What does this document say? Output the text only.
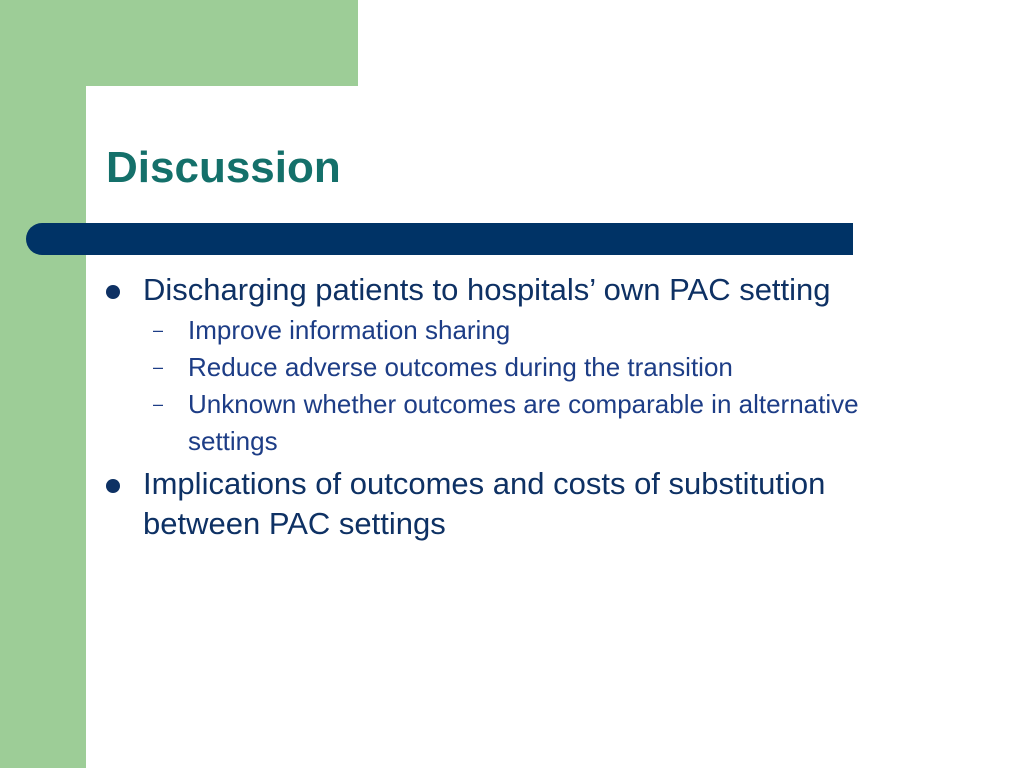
Discussion
Discharging patients to hospitals’ own PAC setting
– Improve information sharing
– Reduce adverse outcomes during the transition
– Unknown whether outcomes are comparable in alternative settings
Implications of outcomes and costs of substitution between PAC settings
